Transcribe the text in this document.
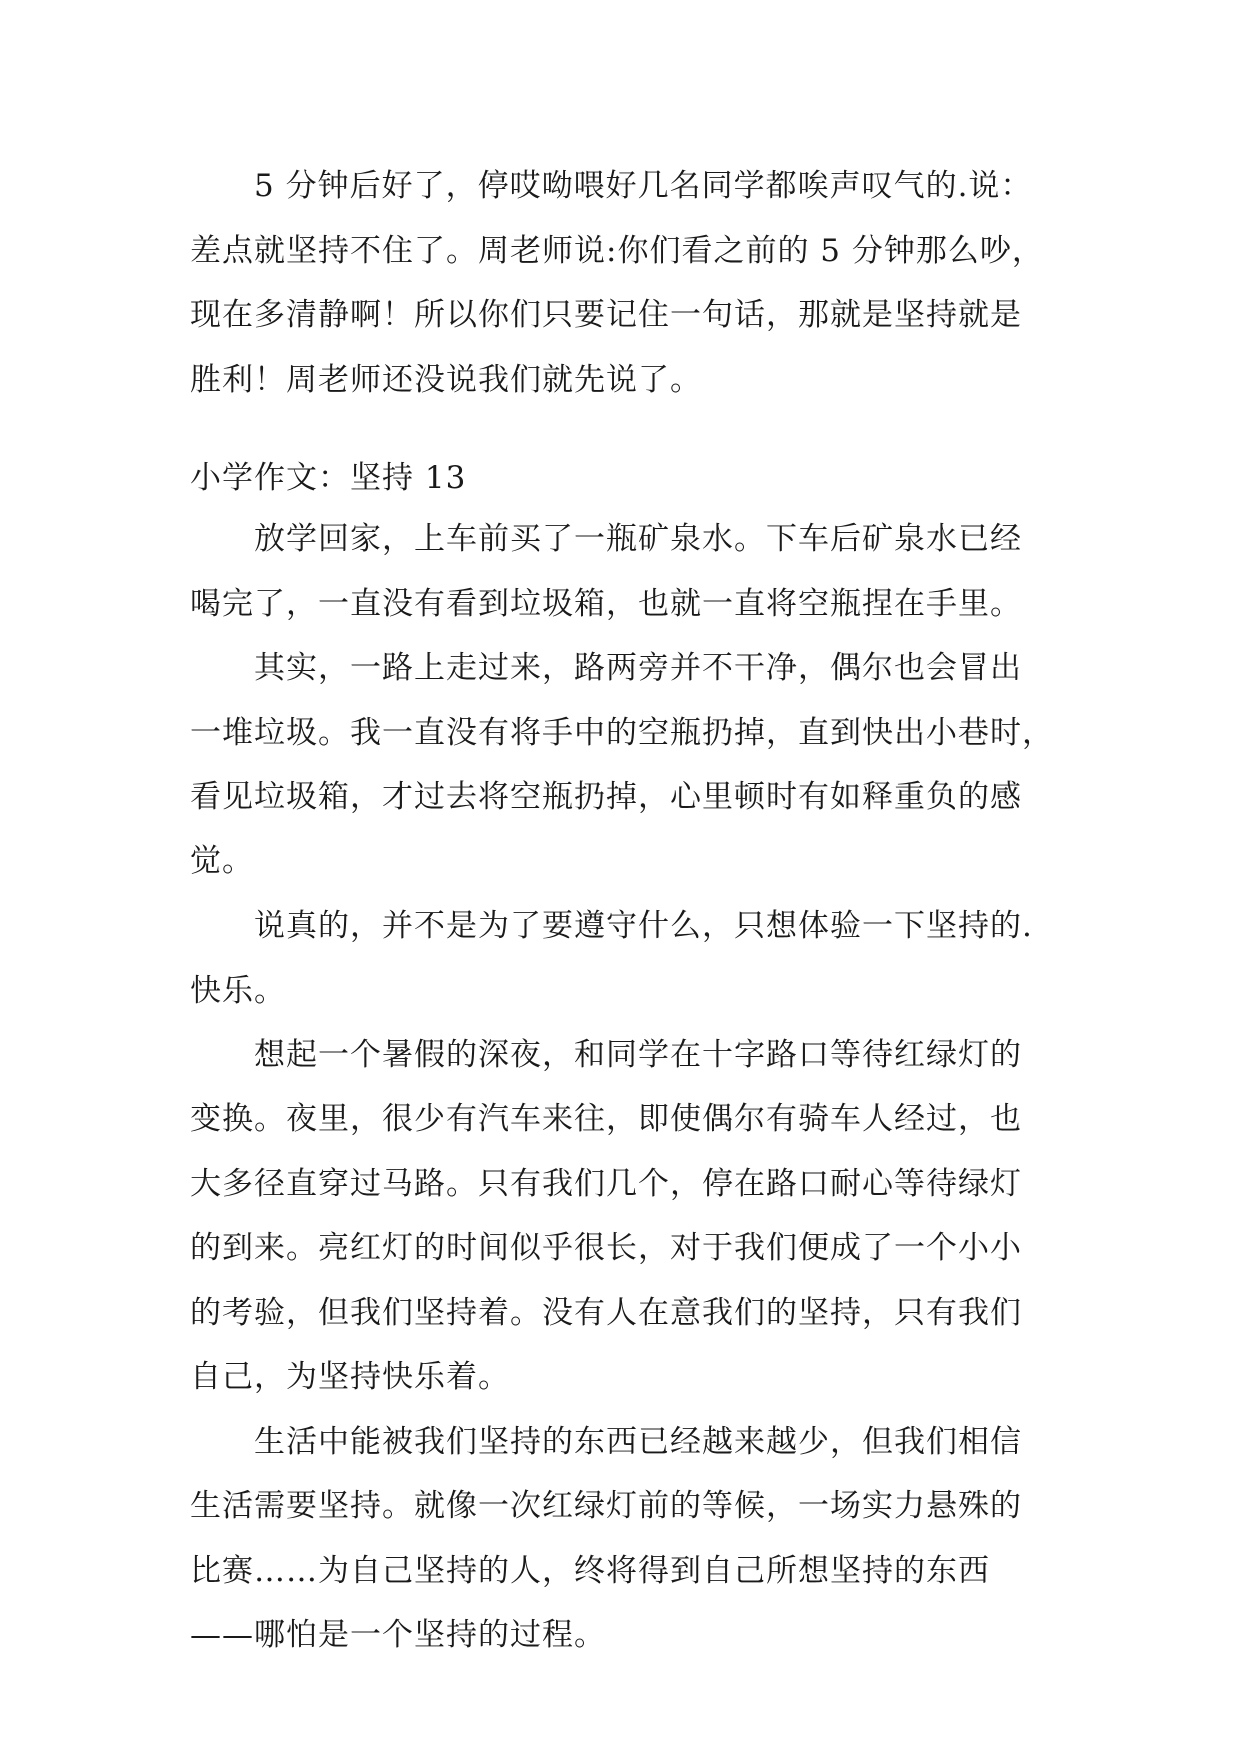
5 分钟后好了，停哎呦喂好几名同学都唉声叹气的.说：
差点就坚持不住了。周老师说:你们看之前的 5 分钟那么吵，
现在多清静啊！所以你们只要记住一句话，那就是坚持就是
胜利！周老师还没说我们就先说了。
小学作文：坚持 13
放学回家，上车前买了一瓶矿泉水。下车后矿泉水已经
喝完了，一直没有看到垃圾箱，也就一直将空瓶捏在手里。
其实，一路上走过来，路两旁并不干净，偶尔也会冒出
一堆垃圾。我一直没有将手中的空瓶扔掉，直到快出小巷时，
看见垃圾箱，才过去将空瓶扔掉，心里顿时有如释重负的感
觉。
说真的，并不是为了要遵守什么，只想体验一下坚持的.
快乐。
想起一个暑假的深夜，和同学在十字路口等待红绿灯的
变换。夜里，很少有汽车来往，即使偶尔有骑车人经过，也
大多径直穿过马路。只有我们几个，停在路口耐心等待绿灯
的到来。亮红灯的时间似乎很长，对于我们便成了一个小小
的考验，但我们坚持着。没有人在意我们的坚持，只有我们
自己，为坚持快乐着。
生活中能被我们坚持的东西已经越来越少，但我们相信
生活需要坚持。就像一次红绿灯前的等候，一场实力悬殊的
比赛……为自己坚持的人，终将得到自己所想坚持的东西
——哪怕是一个坚持的过程。
